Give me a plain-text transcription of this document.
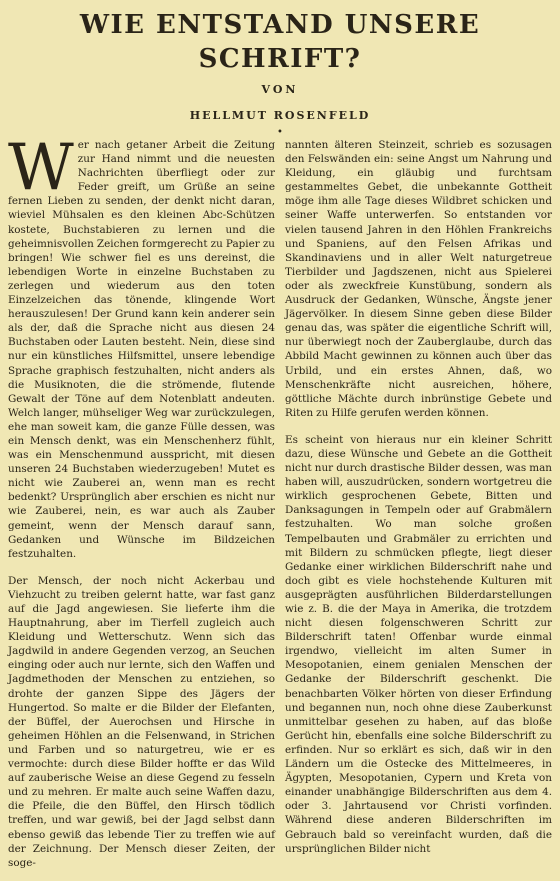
WIE ENTSTAND UNSERE SCHRIFT?
VON
HELLMUT ROSENFELD
•

Wer nach getaner Arbeit die Zeitung zur Hand nimmt und die neuesten Nachrichten überfliegt oder zur Feder greift, um Grüße an seine fernen Lieben zu senden, der denkt nicht daran, wieviel Mühsalen es den kleinen Abc-Schützen kostete, Buchstabieren zu lernen und die geheimnisvollen Zeichen formgerecht zu Papier zu bringen! Wie schwer fiel es uns dereinst, die lebendigen Worte in einzelne Buchstaben zu zerlegen und wiederum aus den toten Einzelzeichen das tönende, klingende Wort herauszulesen! Der Grund kann kein anderer sein als der, daß die Sprache nicht aus diesen 24 Buchstaben oder Lauten besteht. Nein, diese sind nur ein künstliches Hilfsmittel, unsere lebendige Sprache graphisch festzuhalten, nicht anders als die Musiknoten, die die strömende, flutende Gewalt der Töne auf dem Notenblatt andeuten. Welch langer, mühseliger Weg war zurückzulegen, ehe man soweit kam, die ganze Fülle dessen, was ein Mensch denkt, was ein Menschenherz fühlt, was ein Menschenmund ausspricht, mit diesen unseren 24 Buchstaben wiederzugeben! Mutet es nicht wie Zauberei an, wenn man es recht bedenkt? Ursprünglich aber erschien es nicht nur wie Zauberei, nein, es war auch als Zauber gemeint, wenn der Mensch darauf sann, Gedanken und Wünsche im Bildzeichen festzuhalten.

Der Mensch, der noch nicht Ackerbau und Viehzucht zu treiben gelernt hatte, war fast ganz auf die Jagd angewiesen. Sie lieferte ihm die Hauptnahrung, aber im Tierfell zugleich auch Kleidung und Wetterschutz. Wenn sich das Jagdwild in andere Gegenden verzog, an Seuchen einging oder auch nur lernte, sich den Waffen und Jagdmethoden der Menschen zu entziehen, so drohte der ganzen Sippe des Jägers der Hungertod. So malte er die Bilder der Elefanten, der Büffel, der Auerochsen und Hirsche in geheimen Höhlen an die Felsenwand, in Strichen und Farben und so naturgetreu, wie er es vermochte: durch diese Bilder hoffte er das Wild auf zauberische Weise an diese Gegend zu fesseln und zu mehren. Er malte auch seine Waffen dazu, die Pfeile, die den Büffel, den Hirsch tödlich treffen, und war gewiß, bei der Jagd selbst dann ebenso gewiß das lebende Tier zu treffen wie auf der Zeichnung. Der Mensch dieser Zeiten, der soge-

nannten älteren Steinzeit, schrieb es sozusagen den Felswänden ein: seine Angst um Nahrung und Kleidung, ein gläubig und furchtsam gestammeltes Gebet, die unbekannte Gottheit möge ihm alle Tage dieses Wildbret schicken und seiner Waffe unterwerfen. So entstanden vor vielen tausend Jahren in den Höhlen Frankreichs und Spaniens, auf den Felsen Afrikas und Skandinaviens und in aller Welt naturgetreue Tierbilder und Jagdszenen, nicht aus Spielerei oder als zweckfreie Kunstübung, sondern als Ausdruck der Gedanken, Wünsche, Ängste jener Jägervölker. In diesem Sinne geben diese Bilder genau das, was später die eigentliche Schrift will, nur überwiegt noch der Zauberglaube, durch das Abbild Macht gewinnen zu können auch über das Urbild, und ein erstes Ahnen, daß, wo Menschenkräfte nicht ausreichen, höhere, göttliche Mächte durch inbrünstige Gebete und Riten zu Hilfe gerufen werden können.

Es scheint von hieraus nur ein kleiner Schritt dazu, diese Wünsche und Gebete an die Gottheit nicht nur durch drastische Bilder dessen, was man haben will, auszudrücken, sondern wortgetreu die wirklich gesprochenen Gebete, Bitten und Danksagungen in Tempeln oder auf Grabmälern festzuhalten. Wo man solche großen Tempelbauten und Grabmäler zu errichten und mit Bildern zu schmücken pflegte, liegt dieser Gedanke einer wirklichen Bilderschrift nahe und doch gibt es viele hochstehende Kulturen mit ausgeprägten ausführlichen Bilderdarstellungen wie z. B. die der Maya in Amerika, die trotzdem nicht diesen folgenschweren Schritt zur Bilderschrift taten! Offenbar wurde einmal irgendwo, vielleicht im alten Sumer in Mesopotanien, einem genialen Menschen der Gedanke der Bilderschrift geschenkt. Die benachbarten Völker hörten von dieser Erfindung und begannen nun, noch ohne diese Zauberkunst unmittelbar gesehen zu haben, auf das bloße Gerücht hin, ebenfalls eine solche Bilderschrift zu erfinden. Nur so erklärt es sich, daß wir in den Ländern um die Ostecke des Mittelmeeres, in Ägypten, Mesopotanien, Cypern und Kreta von einander unabhängige Bilderschriften aus dem 4. oder 3. Jahrtausend vor Christi vorfinden. Während diese anderen Bilderschriften im Gebrauch bald so vereinfacht wurden, daß die ursprünglichen Bilder nicht
